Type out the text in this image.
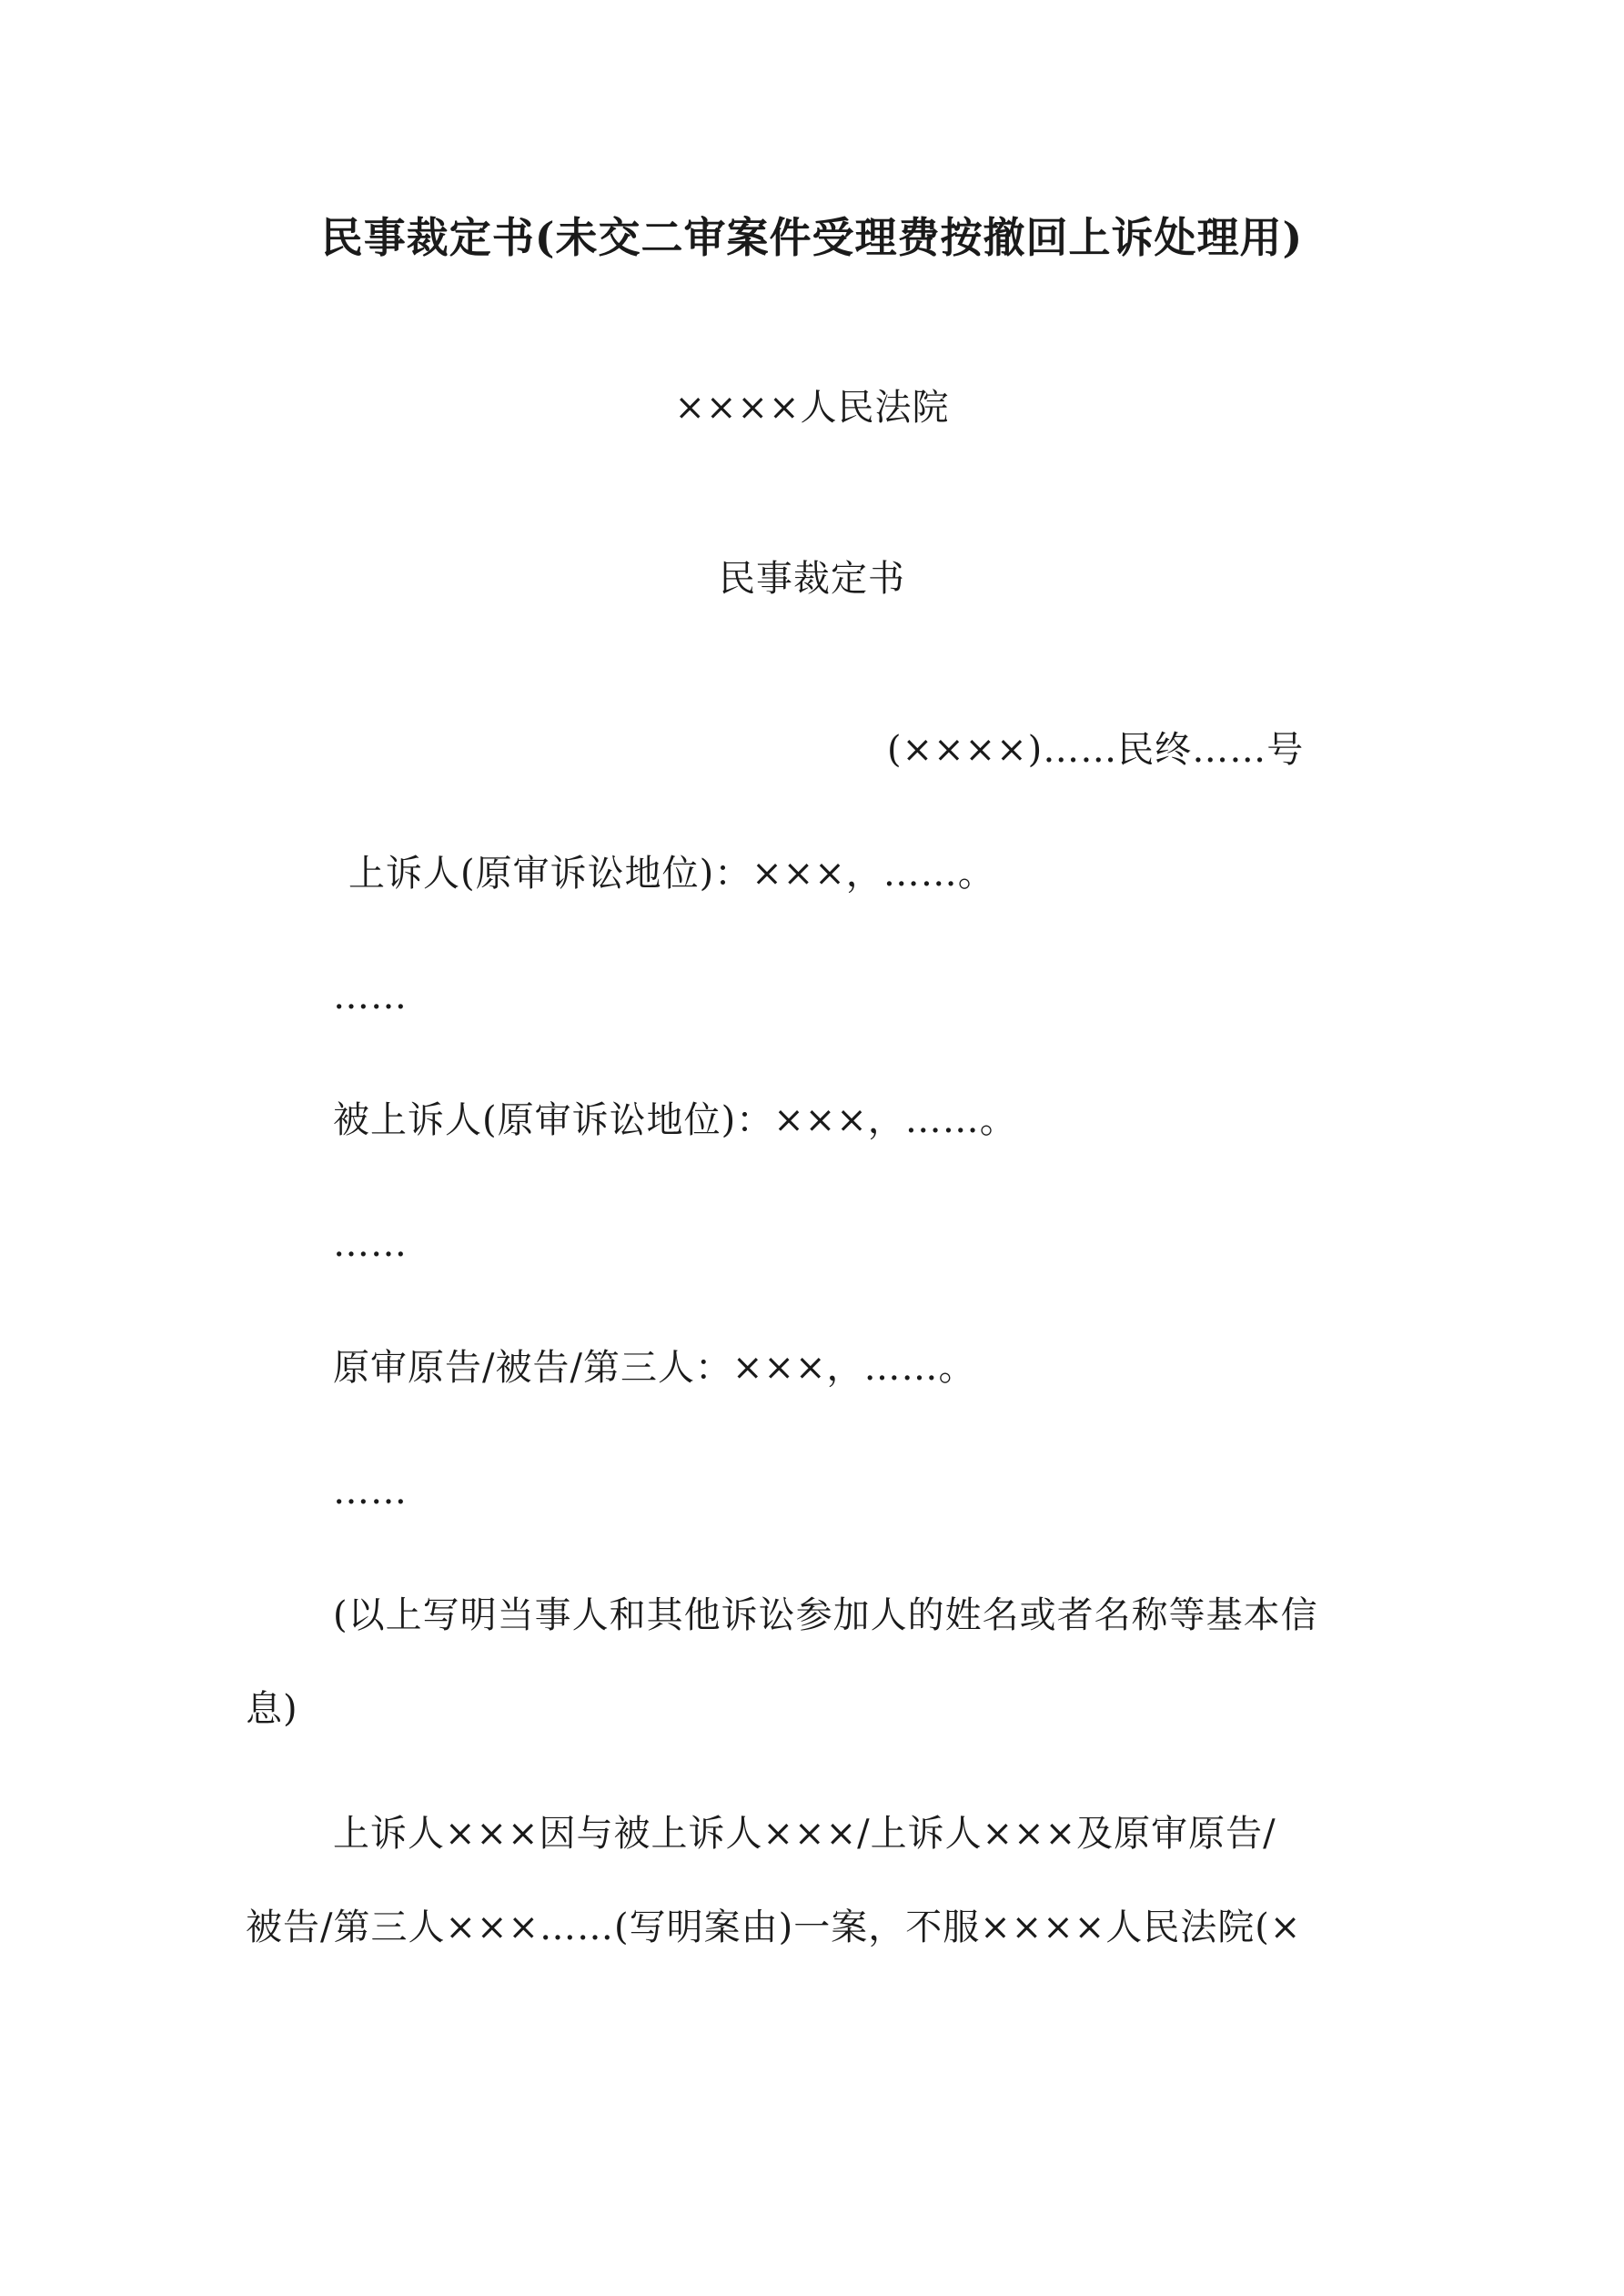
民事裁定书(未交二审案件受理费按撤回上诉处理用)
××××人民法院
民事裁定书
(××××)……民终……号
上诉人(原审诉讼地位)：×××，……。
……
被上诉人(原审诉讼地位)：×××，……。
……
原审原告/被告/第三人：×××，……。
……
(以上写明当事人和其他诉讼参加人的姓名或者名称等基本信
息)
上诉人×××因与被上诉人×××/上诉人×××及原审原告/
被告/第三人×××……(写明案由)一案，不服××××人民法院(×
